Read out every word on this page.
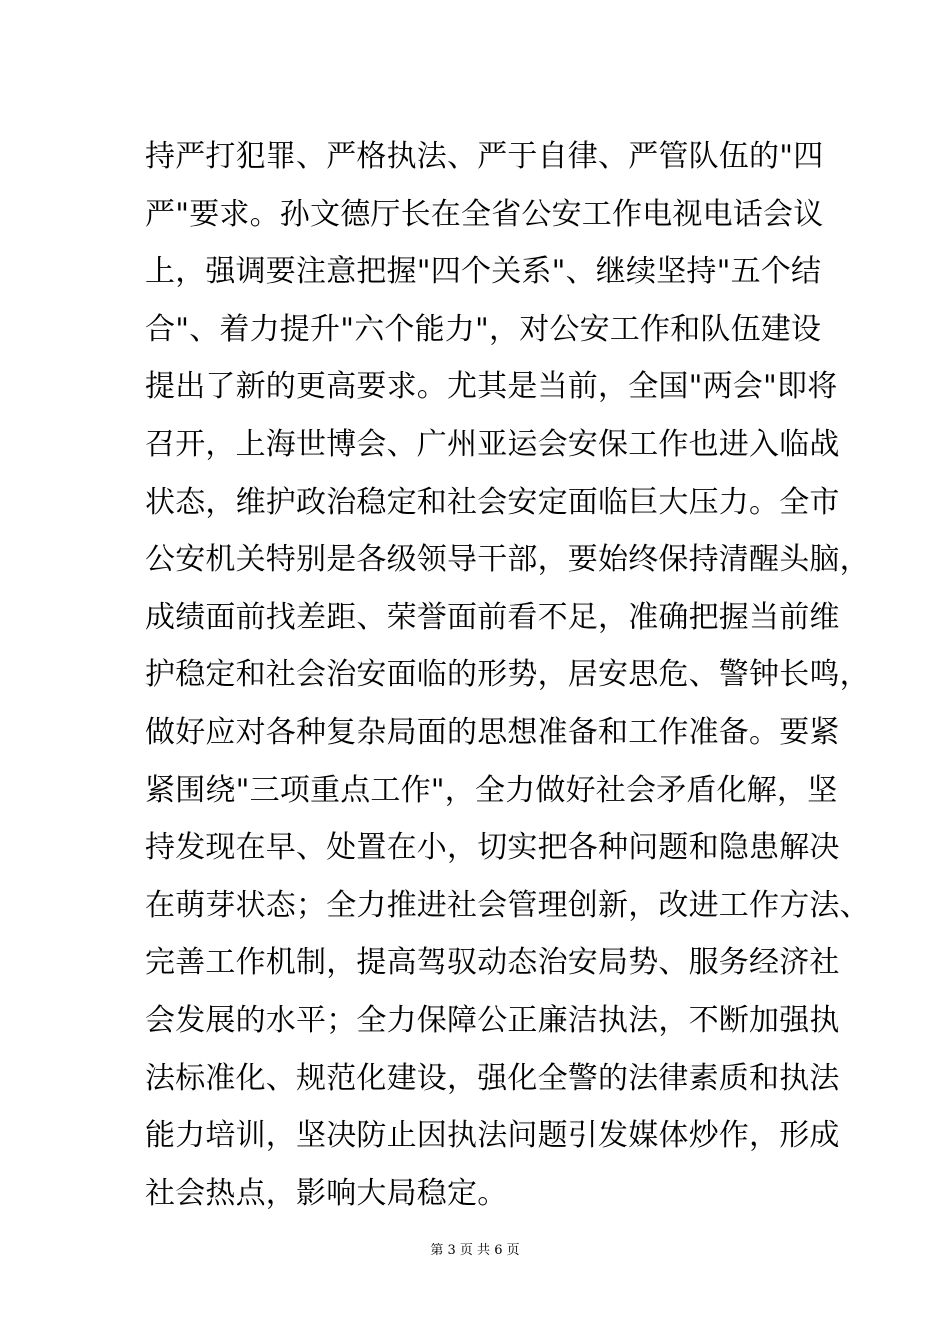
持严打犯罪、严格执法、严于自律、严管队伍的"四
严"要求。孙文德厅长在全省公安工作电视电话会议
上，强调要注意把握"四个关系"、继续坚持"五个结
合"、着力提升"六个能力"，对公安工作和队伍建设
提出了新的更高要求。尤其是当前，全国"两会"即将
召开，上海世博会、广州亚运会安保工作也进入临战
状态，维护政治稳定和社会安定面临巨大压力。全市
公安机关特别是各级领导干部，要始终保持清醒头脑，
成绩面前找差距、荣誉面前看不足，准确把握当前维
护稳定和社会治安面临的形势，居安思危、警钟长鸣，
做好应对各种复杂局面的思想准备和工作准备。要紧
紧围绕"三项重点工作"，全力做好社会矛盾化解，坚
持发现在早、处置在小，切实把各种问题和隐患解决
在萌芽状态；全力推进社会管理创新，改进工作方法、
完善工作机制，提高驾驭动态治安局势、服务经济社
会发展的水平；全力保障公正廉洁执法，不断加强执
法标准化、规范化建设，强化全警的法律素质和执法
能力培训，坚决防止因执法问题引发媒体炒作，形成
社会热点，影响大局稳定。
第 3 页 共 6 页
